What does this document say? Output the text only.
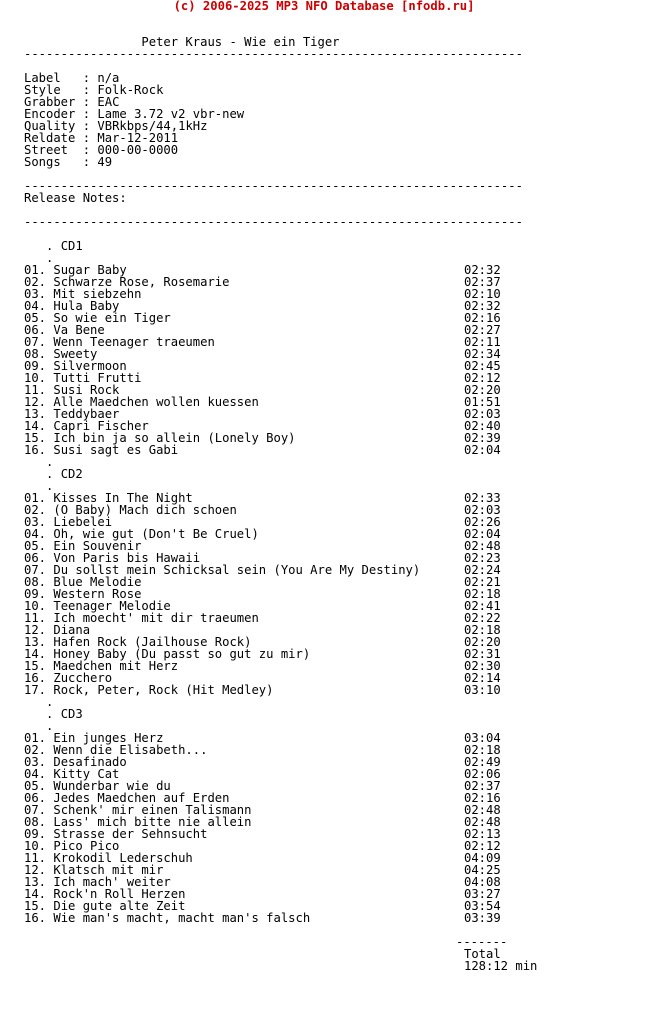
(c) 2006-2025 MP3 NFO Database [nfodb.ru]
Peter Kraus - Wie ein Tiger
--------------------------------------------------------------------
Label   : n/a
Style   : Folk-Rock
Grabber : EAC
Encoder : Lame 3.72 v2 vbr-new
Quality : VBRkbps/44,1kHz
Reldate : Mar-12-2011
Street  : 000-00-0000
Songs   : 49
--------------------------------------------------------------------
Release Notes:
--------------------------------------------------------------------
. CD1
.
01. Sugar Baby	02:32
02. Schwarze Rose, Rosemarie	02:37
03. Mit siebzehn	02:10
04. Hula Baby	02:32
05. So wie ein Tiger	02:16
06. Va Bene	02:27
07. Wenn Teenager traeumen	02:11
08. Sweety	02:34
09. Silvermoon	02:45
10. Tutti Frutti	02:12
11. Susi Rock	02:20
12. Alle Maedchen wollen kuessen	01:51
13. Teddybaer	02:03
14. Capri Fischer	02:40
15. Ich bin ja so allein (Lonely Boy)	02:39
16. Susi sagt es Gabi	02:04
.
. CD2
.
01. Kisses In The Night	02:33
02. (O Baby) Mach dich schoen	02:03
03. Liebelei	02:26
04. Oh, wie gut (Don't Be Cruel)	02:04
05. Ein Souvenir	02:48
06. Von Paris bis Hawaii	02:23
07. Du sollst mein Schicksal sein (You Are My Destiny)	02:24
08. Blue Melodie	02:21
09. Western Rose	02:18
10. Teenager Melodie	02:41
11. Ich moecht' mit dir traeumen	02:22
12. Diana	02:18
13. Hafen Rock (Jailhouse Rock)	02:20
14. Honey Baby (Du passt so gut zu mir)	02:31
15. Maedchen mit Herz	02:30
16. Zucchero	02:14
17. Rock, Peter, Rock (Hit Medley)	03:10
.
. CD3
.
01. Ein junges Herz	03:04
02. Wenn die Elisabeth...	02:18
03. Desafinado	02:49
04. Kitty Cat	02:06
05. Wunderbar wie du	02:37
06. Jedes Maedchen auf Erden	02:16
07. Schenk' mir einen Talismann	02:48
08. Lass' mich bitte nie allein	02:48
09. Strasse der Sehnsucht	02:13
10. Pico Pico	02:12
11. Krokodil Lederschuh	04:09
12. Klatsch mit mir	04:25
13. Ich mach' weiter	04:08
14. Rock'n Roll Herzen	03:27
15. Die gute alte Zeit	03:54
16. Wie man's macht, macht man's falsch	03:39
-------
Total
128:12 min
